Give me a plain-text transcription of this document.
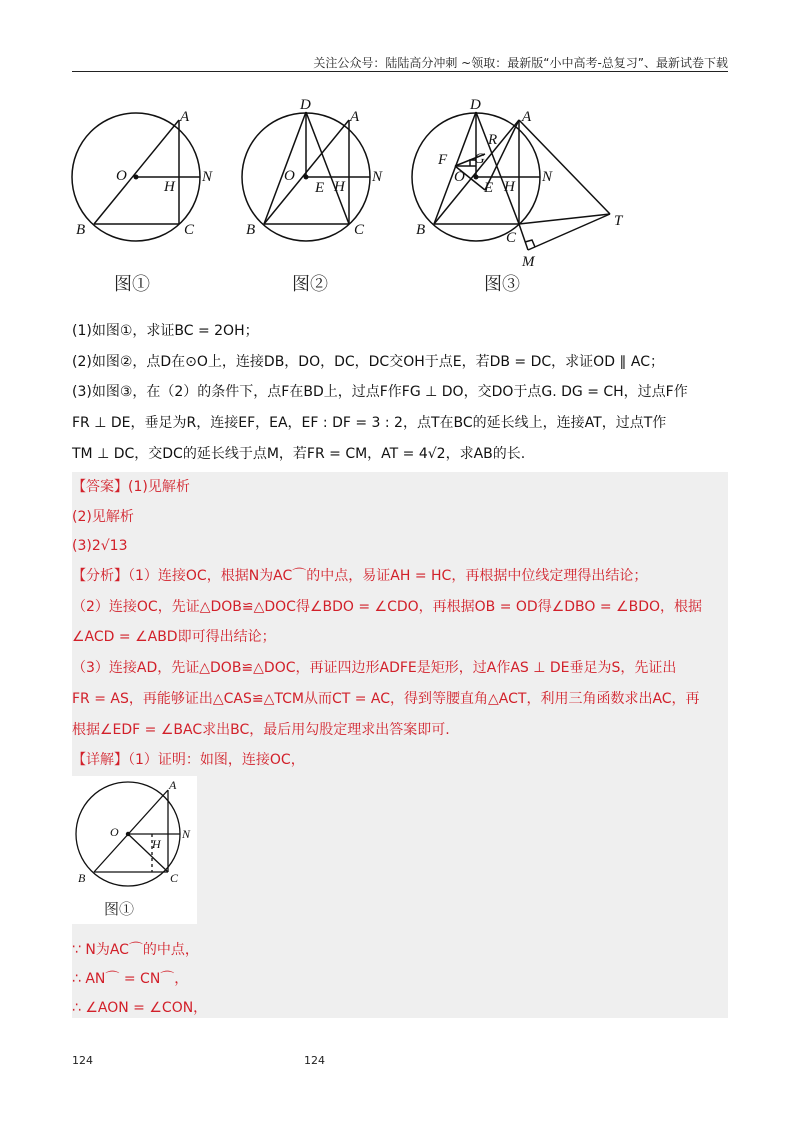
关注公众号：陆陆高分冲刺 ~领取：最新版“小中高考-总复习”、最新试卷下载
A
O
H
N
B	C
图①
D
A
O
E H
N
B	C
图②
D
R
A
F G
O
E H
N
B	C
T
M
图③
(1)如图①，求证BC = 2OH；
(2)如图②，点D在⊙O上，连接DB，DO，DC，DC交OH于点E，若DB = DC，求证OD ∥ AC；
(3)如图③，在（2）的条件下，点F在BD上，过点F作FG ⊥ DO，交DO于点G. DG = CH，过点F作
FR ⊥ DE，垂足为R，连接EF，EA，EF : DF = 3 : 2，点T在BC的延长线上，连接AT，过点T作
TM ⊥ DC，交DC的延长线于点M，若FR = CM，AT = 4√2，求AB的长.
【答案】(1)见解析
(2)见解析
(3)2√13
【分析】（1）连接OC，根据N为AC⌒的中点，易证AH = HC，再根据中位线定理得出结论；
（2）连接OC，先证△DOB≌△DOC得∠BDO = ∠CDO，再根据OB = OD得∠DBO = ∠BDO，根据
∠ACD = ∠ABD即可得出结论；
（3）连接AD，先证△DOB≌△DOC，再证四边形ADFE是矩形，过A作AS ⊥ DE垂足为S，先证出
FR = AS，再能够证出△CAS≌△TCM从而CT = AC，得到等腰直角△ACT，利用三角函数求出AC，再
根据∠EDF = ∠BAC求出BC，最后用勾股定理求出答案即可.
【详解】（1）证明：如图，连接OC，
A
O
H
N
B	C
图①
∵ N为AC⌒的中点，
∴ AN⌒ = CN⌒，
∴ ∠AON = ∠CON，
124	124
